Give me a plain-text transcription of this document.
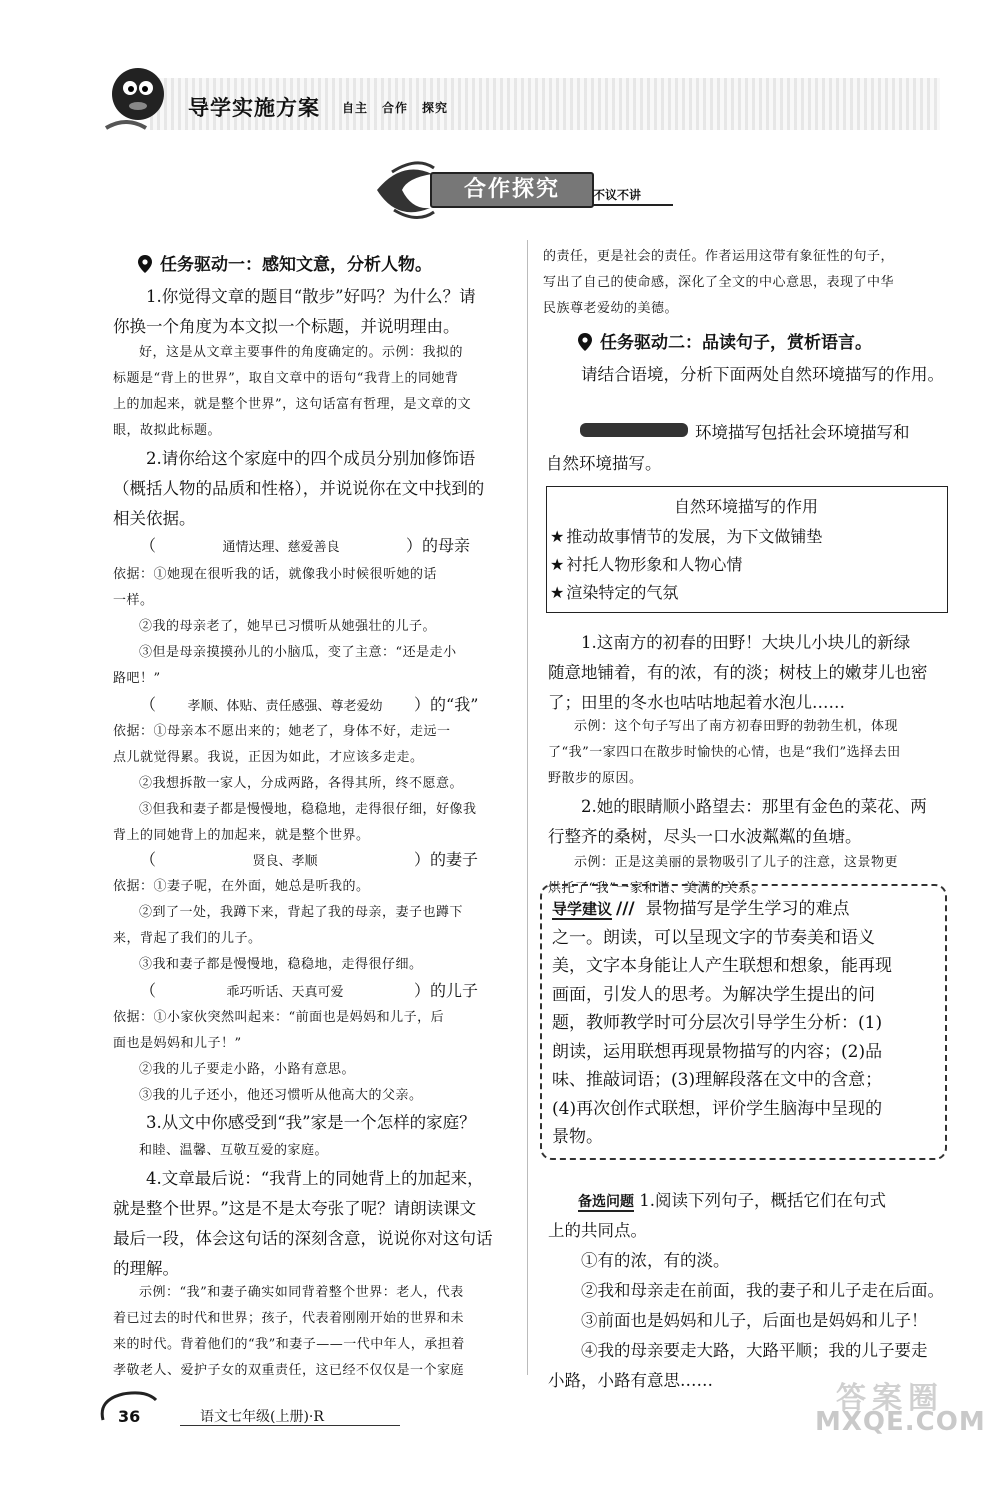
导学实施方案 自主 合作 探究
合作探究	不议不讲
任务驱动一：感知文意，分析人物。
1.你觉得文章的题目“散步”好吗？为什么？请
你换一个角度为本文拟一个标题，并说明理由。
好，这是从文章主要事件的角度确定的。示例：我拟的
标题是“背上的世界”，取自文章中的语句“我背上的同她背
上的加起来，就是整个世界”，这句话富有哲理，是文章的文
眼，故拟此标题。
2.请你给这个家庭中的四个成员分别加修饰语
（概括人物的品质和性格），并说说你在文中找到的
相关依据。
（	通情达理、慈爱善良	）的母亲
依据：①她现在很听我的话，就像我小时候很听她的话
一样。
②我的母亲老了，她早已习惯听从她强壮的儿子。
③但是母亲摸摸孙儿的小脑瓜，变了主意：“还是走小
路吧！”
（ 孝顺、体贴、责任感强、尊老爱幼 ）的“我”
依据：①母亲本不愿出来的；她老了，身体不好，走远一
点儿就觉得累。我说，正因为如此，才应该多走走。
②我想拆散一家人，分成两路，各得其所，终不愿意。
③但我和妻子都是慢慢地，稳稳地，走得很仔细，好像我
背上的同她背上的加起来，就是整个世界。
（	贤良、孝顺	）的妻子
依据：①妻子呢，在外面，她总是听我的。
②到了一处，我蹲下来，背起了我的母亲，妻子也蹲下
来，背起了我们的儿子。
③我和妻子都是慢慢地，稳稳地，走得很仔细。
（	乖巧听话、天真可爱	）的儿子
依据：①小家伙突然叫起来：“前面也是妈妈和儿子，后
面也是妈妈和儿子！”
②我的儿子要走小路，小路有意思。
③我的儿子还小，他还习惯听从他高大的父亲。
3.从文中你感受到“我”家是一个怎样的家庭？
和睦、温馨、互敬互爱的家庭。
4.文章最后说：“我背上的同她背上的加起来，
就是整个世界。”这是不是太夸张了呢？请朗读课文
最后一段，体会这句话的深刻含意，说说你对这句话
的理解。
示例：“我”和妻子确实如同背着整个世界：老人，代表
着已过去的时代和世界；孩子，代表着刚刚开始的世界和未
来的时代。背着他们的“我”和妻子——一代中年人，承担着
孝敬老人、爱护子女的双重责任，这已经不仅仅是一个家庭
的责任，更是社会的责任。作者运用这带有象征性的句子，
写出了自己的使命感，深化了全文的中心意思，表现了中华
民族尊老爱幼的美德。
任务驱动二：品读句子，赏析语言。
请结合语境，分析下面两处自然环境描写的作用。
环境描写包括社会环境描写和
自然环境描写。
自然环境描写的作用
★ 推动故事情节的发展，为下文做铺垫
★ 衬托人物形象和人物心情
★ 渲染特定的气氛
1.这南方的初春的田野！大块儿小块儿的新绿
随意地铺着，有的浓，有的淡；树枝上的嫩芽儿也密
了；田里的冬水也咕咕地起着水泡儿……
示例：这个句子写出了南方初春田野的勃勃生机，体现
了“我”一家四口在散步时愉快的心情，也是“我们”选择去田
野散步的原因。
2.她的眼睛顺小路望去：那里有金色的菜花、两
行整齐的桑树，尽头一口水波粼粼的鱼塘。
示例：正是这美丽的景物吸引了儿子的注意，这景物更
烘托了“我”一家和谐、美满的关系。
导学建议 /// 景物描写是学生学习的难点
之一。朗读，可以呈现文字的节奏美和语义
美，文字本身能让人产生联想和想象，能再现
画面，引发人的思考。为解决学生提出的问
题，教师教学时可分层次引导学生分析：(1)
朗读，运用联想再现景物描写的内容；(2)品
味、推敲词语；(3)理解段落在文中的含意；
(4)再次创作式联想，评价学生脑海中呈现的
景物。
备选问题 1.阅读下列句子，概括它们在句式
上的共同点。
①有的浓，有的淡。
②我和母亲走在前面，我的妻子和儿子走在后面。
③前面也是妈妈和儿子，后面也是妈妈和儿子！
④我的母亲要走大路，大路平顺；我的儿子要走
小路，小路有意思……
36	语文七年级(上册)·R
答案圈
MXQE.COM
